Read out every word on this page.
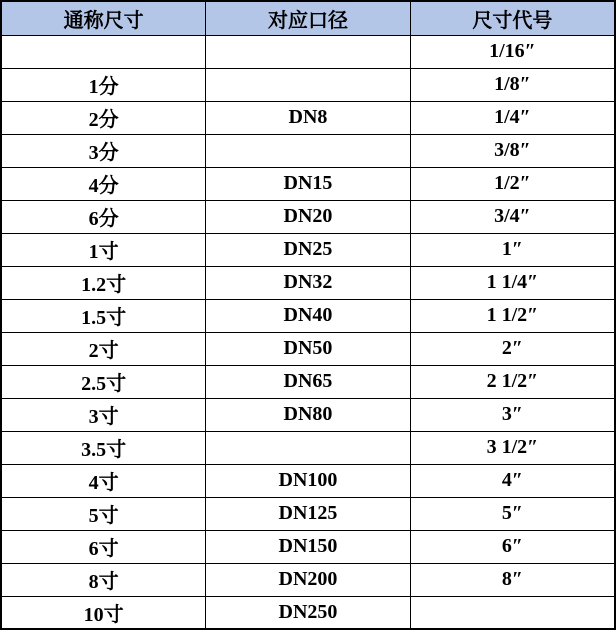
通称尺寸	对应口径	尺寸代号
		1/16″
1分		1/8″
2分	DN8	1/4″
3分		3/8″
4分	DN15	1/2″
6分	DN20	3/4″
1寸	DN25	1″
1.2寸	DN32	1 1/4″
1.5寸	DN40	1 1/2″
2寸	DN50	2″
2.5寸	DN65	2 1/2″
3寸	DN80	3″
3.5寸		3 1/2″
4寸	DN100	4″
5寸	DN125	5″
6寸	DN150	6″
8寸	DN200	8″
10寸	DN250	
